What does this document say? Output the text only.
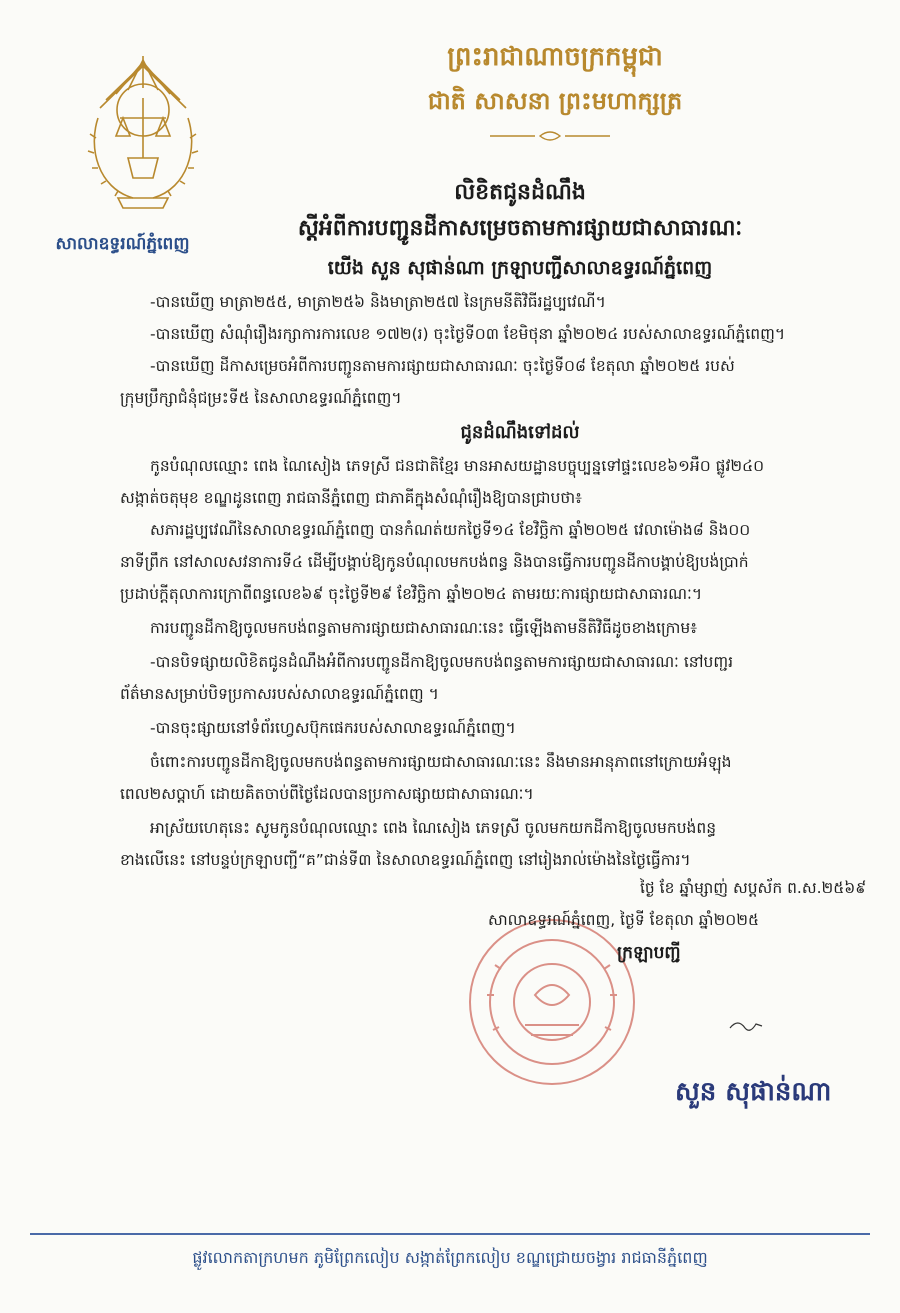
សាលាឧទ្ធរណ៍ភ្នំពេញ
ព្រះរាជាណាចក្រកម្ពុជា
ជាតិ សាសនា ព្រះមហាក្សត្រ
លិខិតជូនដំណឹង
ស្តីអំពីការបញ្ជូនដីកាសម្រេចតាមការផ្សាយជាសាធារណៈ
យើង សួន សុផាន់ណា ក្រឡាបញ្ជីសាលាឧទ្ធរណ៍ភ្នំពេញ
-បានឃើញ មាត្រា២៥៥, មាត្រា២៥៦ និងមាត្រា២៥៧ នៃក្រមនីតិវិធីរដ្ឋប្បវេណី។
-បានឃើញ សំណុំរឿងរក្សាការការលេខ ១៧២(រ) ចុះថ្ងៃទី០៣ ខែមិថុនា ឆ្នាំ២០២៤ របស់សាលាឧទ្ធរណ៍ភ្នំពេញ។
-បានឃើញ ដីកាសម្រេចអំពីការបញ្ជូនតាមការផ្សាយជាសាធារណៈ ចុះថ្ងៃទី០៨ ខែតុលា ឆ្នាំ២០២៥ របស់
ក្រុមប្រឹក្សាជំនុំជម្រះទី៥ នៃសាលាឧទ្ធរណ៍ភ្នំពេញ។
ជូនដំណឹងទៅដល់
កូនបំណុលឈ្មោះ ពេង ណៃសៀង ភេទស្រី ជនជាតិខ្មែរ មានអាសយដ្ឋានបច្ចុប្បន្នទៅផ្ទះលេខ៦១អឺ០ ផ្លូវ២៤០
សង្កាត់ចតុមុខ ខណ្ឌដូនពេញ រាជធានីភ្នំពេញ ជាភាគីក្នុងសំណុំរឿងឱ្យបានជ្រាបថា៖
សភារដ្ឋប្បវេណីនៃសាលាឧទ្ធរណ៍ភ្នំពេញ បានកំណត់យកថ្ងៃទី១៤ ខែវិច្ឆិកា ឆ្នាំ២០២៥ វេលាម៉ោង៨ និង០០
នាទីព្រឹក នៅសាលសវនាការទី៤ ដើម្បីបង្គាប់ឱ្យកូនបំណុលមកបង់ពន្ធ និងបានធ្វើការបញ្ជូនដីកាបង្គាប់ឱ្យបង់ប្រាក់
ប្រដាប់ក្តីតុលាការក្រោពីពន្ធលេខ៦៩ ចុះថ្ងៃទី២៩ ខែវិច្ឆិកា ឆ្នាំ២០២៤ តាមរយៈការផ្សាយជាសាធារណៈ។
ការបញ្ជូនដីកាឱ្យចូលមកបង់ពន្ធតាមការផ្សាយជាសាធារណៈនេះ ធ្វើឡើងតាមនីតិវិធីដូចខាងក្រោម៖
-បានបិទផ្សាយលិខិតជូនដំណឹងអំពីការបញ្ជូនដីកាឱ្យចូលមកបង់ពន្ធតាមការផ្សាយជាសាធារណៈ នៅបញ្ជរ
ព័ត៌មានសម្រាប់បិទប្រកាសរបស់សាលាឧទ្ធរណ៍ភ្នំពេញ ។
-បានចុះផ្សាយនៅទំព័រហ្វេសប៊ុកផេករបស់សាលាឧទ្ធរណ៍ភ្នំពេញ។
ចំពោះការបញ្ជូនដីកាឱ្យចូលមកបង់ពន្ធតាមការផ្សាយជាសាធារណៈនេះ នឹងមានអានុភាពនៅក្រោយអំឡុង
ពេល២សប្តាហ៍ ដោយគិតចាប់ពីថ្ងៃដែលបានប្រកាសផ្សាយជាសាធារណៈ។
អាស្រ័យហេតុនេះ សូមកូនបំណុលឈ្មោះ ពេង ណៃសៀង ភេទស្រី ចូលមកយកដីកាឱ្យចូលមកបង់ពន្ធ
ខាងលើនេះ នៅបន្ទប់ក្រឡាបញ្ជី“គ”ជាន់ទី៣ នៃសាលាឧទ្ធរណ៍ភ្នំពេញ នៅរៀងរាល់ម៉ោងនៃថ្ងៃធ្វើការ។
ថ្ងៃ ខែ ឆ្នាំម្សាញ់ សប្តស័ក ព.ស.២៥៦៩
សាលាឧទ្ធរណ៍ភ្នំពេញ, ថ្ងៃទី ខែតុលា ឆ្នាំ២០២៥
ក្រឡាបញ្ជី
សួន សុផាន់ណា
ផ្លូវលោកតាក្រហមក ភូមិព្រែកលៀប សង្កាត់ព្រែកលៀប ខណ្ឌជ្រោយចង្វារ រាជធានីភ្នំពេញ
